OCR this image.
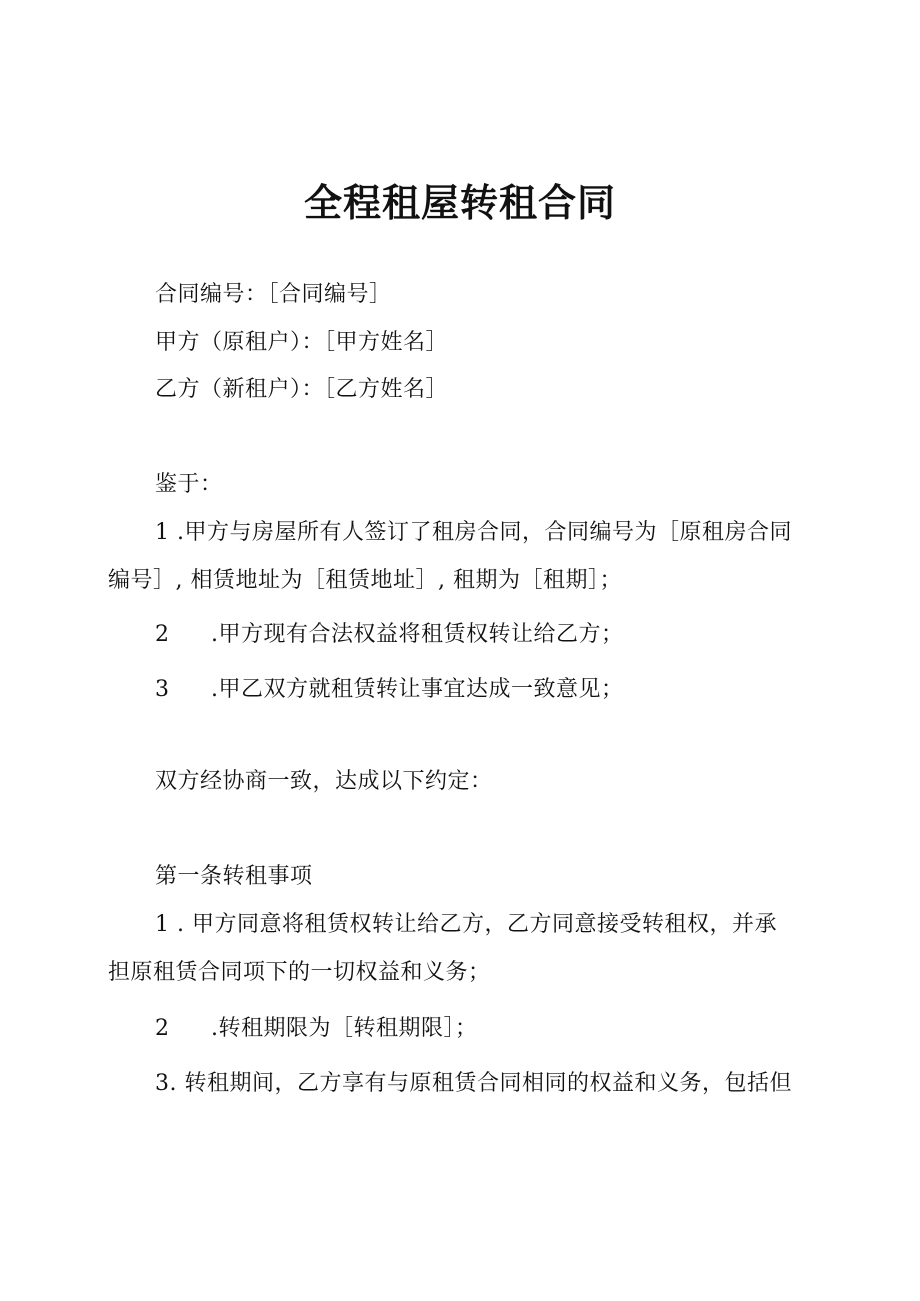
全程租屋转租合同
合同编号：［合同编号］
甲方（原租户）：［甲方姓名］
乙方（新租户）：［乙方姓名］
鉴于：
1 .甲方与房屋所有人签订了租房合同，合同编号为［原租房合同
编号］, 相赁地址为［租赁地址］, 租期为［租期］；
2 .甲方现有合法权益将租赁权转让给乙方；
3 .甲乙双方就租赁转让事宜达成一致意见；
双方经协商一致，达成以下约定：
第一条转租事项
1 . 甲方同意将租赁权转让给乙方，乙方同意接受转租权，并承
担原租赁合同项下的一切权益和义务；
2 .转租期限为［转租期限］；
3. 转租期间，乙方享有与原租赁合同相同的权益和义务，包括但
